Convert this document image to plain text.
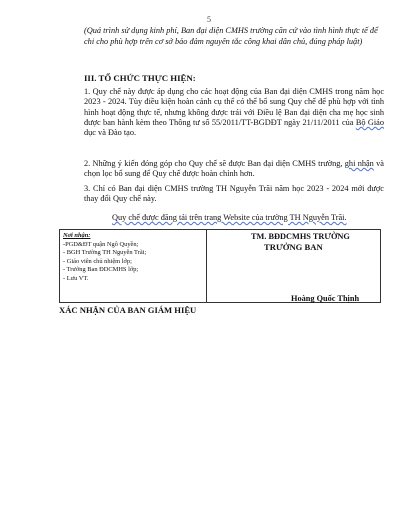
5
(Quá trình sử dụng kinh phí, Ban đại diện CMHS trường căn cứ vào tình hình thực tế để chi cho phù hợp trên cơ sở bảo đảm nguyên tắc công khai dân chủ, đúng pháp luật)
III. TỔ CHỨC THỰC HIỆN:
1. Quy chế này được áp dụng cho các hoạt động của Ban đại diện CMHS trong năm học 2023 - 2024. Tùy điều kiện hoàn cảnh cụ thể có thể bổ sung Quy chế để phù hợp với tình hình hoạt động thực tế, nhưng không được trái với Điều lệ Ban đại diện cha mẹ học sinh được ban hành kèm theo Thông tư số 55/2011/TT-BGDĐT ngày 21/11/2011 của Bộ Giáo dục và Đào tạo.
2. Những ý kiến đóng góp cho Quy chế sẽ được Ban đại diện CMHS trường, ghi nhận và chọn lọc bổ sung để Quy chế được hoàn chỉnh hơn.
3. Chỉ có Ban đại diện CMHS trường TH Nguyễn Trãi năm học 2023 - 2024 mới được thay đổi Quy chế này.
Quy chế được đăng tải trên trang Website của trường TH Nguyễn Trãi.
Nơi nhận:
-PGD&ĐT quận Ngô Quyền;
- BGH Trường TH Nguyễn Trãi;
- Giáo viên chủ nhiệm lớp;
- Trưởng Ban ĐDCMHS lớp;
- Lưu VT.
TM. BĐDCMHS TRƯỜNG
TRƯỞNG BAN
Hoàng Quốc Thịnh
XÁC NHẬN CỦA BAN GIÁM HIỆU
